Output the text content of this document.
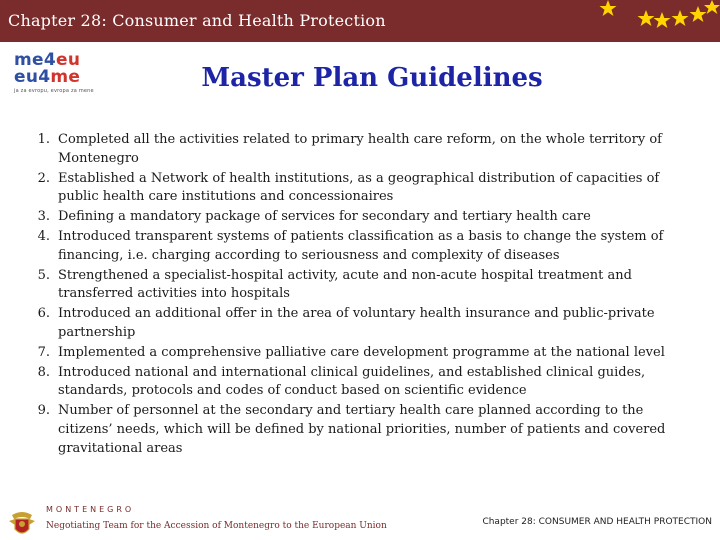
Chapter 28: Consumer and Health Protection
me4eu
eu4me
ja za evropu, evropa za mene	Master Plan Guidelines
1. Completed all the activities related to primary health care reform, on the whole territory of Montenegro
2. Established a Network of health institutions, as a geographical distribution of capacities of public health care institutions and concessionaires
3. Defining a mandatory package of services for secondary and tertiary health care
4. Introduced transparent systems of patients classification as a basis to change the system of financing, i.e. charging according to seriousness and complexity of diseases
5. Strengthened a specialist-hospital activity, acute and non-acute hospital treatment and transferred activities into hospitals
6. Introduced an additional offer in the area of voluntary health insurance and public-private partnership
7. Implemented a comprehensive palliative care development programme at the national level
8. Introduced national and international clinical guidelines, and established clinical guides, standards, protocols and codes of conduct based on scientific evidence
9. Number of personnel at the secondary and tertiary health care planned according to the citizens’ needs, which will be defined by national priorities, number of patients and covered gravitational areas
MONTENEGRO
Negotiating Team for the Accession of Montenegro to the European Union	Chapter 28: CONSUMER AND HEALTH PROTECTION
